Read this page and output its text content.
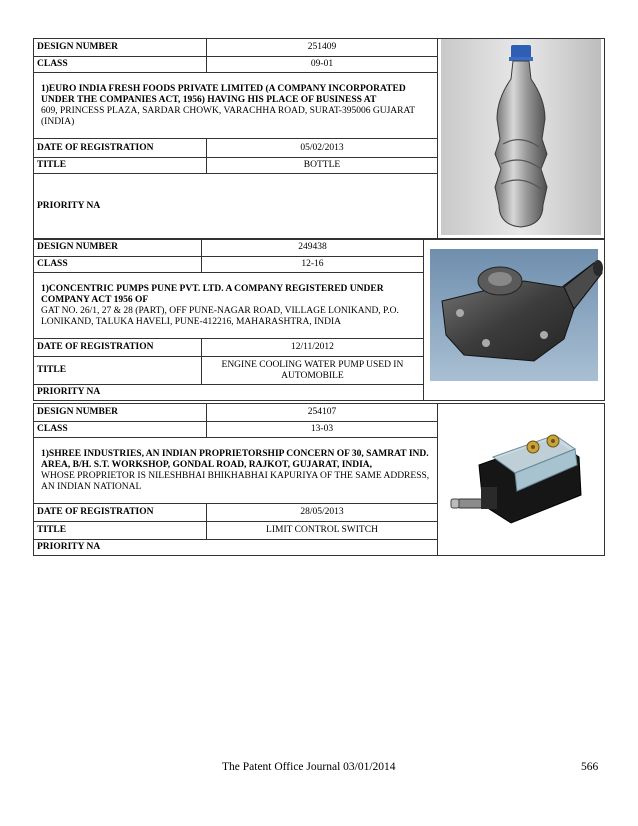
DESIGN NUMBER	251409	
CLASS	09-01	

1)EURO INDIA FRESH FOODS PRIVATE LIMITED (A COMPANY INCORPORATED UNDER THE COMPANIES ACT, 1956) HAVING HIS PLACE OF BUSINESS AT
609, PRINCESS PLAZA, SARDAR CHOWK, VARACHHA ROAD, SURAT-395006 GUJARAT (INDIA)		

DATE OF REGISTRATION	05/02/2013	
TITLE	BOTTLE	
PRIORITY NA		
DESIGN NUMBER	249438	
CLASS	12-16	

1)CONCENTRIC PUMPS PUNE PVT. LTD. A COMPANY REGISTERED UNDER COMPANY ACT 1956 OF
GAT NO. 26/1, 27 & 28 (PART), OFF PUNE-NAGAR ROAD, VILLAGE LONIKAND, P.O. LONIKAND, TALUKA HAVELI, PUNE-412216, MAHARASHTRA, INDIA		

DATE OF REGISTRATION	12/11/2012	
TITLE	ENGINE COOLING WATER PUMP USED IN AUTOMOBILE	
PRIORITY NA		
DESIGN NUMBER	254107	
CLASS	13-03	

1)SHREE INDUSTRIES, AN INDIAN PROPRIETORSHIP CONCERN OF 30, SAMRAT IND. AREA, B/H. S.T. WORKSHOP, GONDAL ROAD, RAJKOT, GUJARAT, INDIA,
WHOSE PROPRIETOR IS NILESHBHAI BHIKHABHAI KAPURIYA OF THE SAME ADDRESS, AN INDIAN NATIONAL		

DATE OF REGISTRATION	28/05/2013	
TITLE	LIMIT CONTROL SWITCH	
PRIORITY NA		
The Patent Office Journal 03/01/2014	566
